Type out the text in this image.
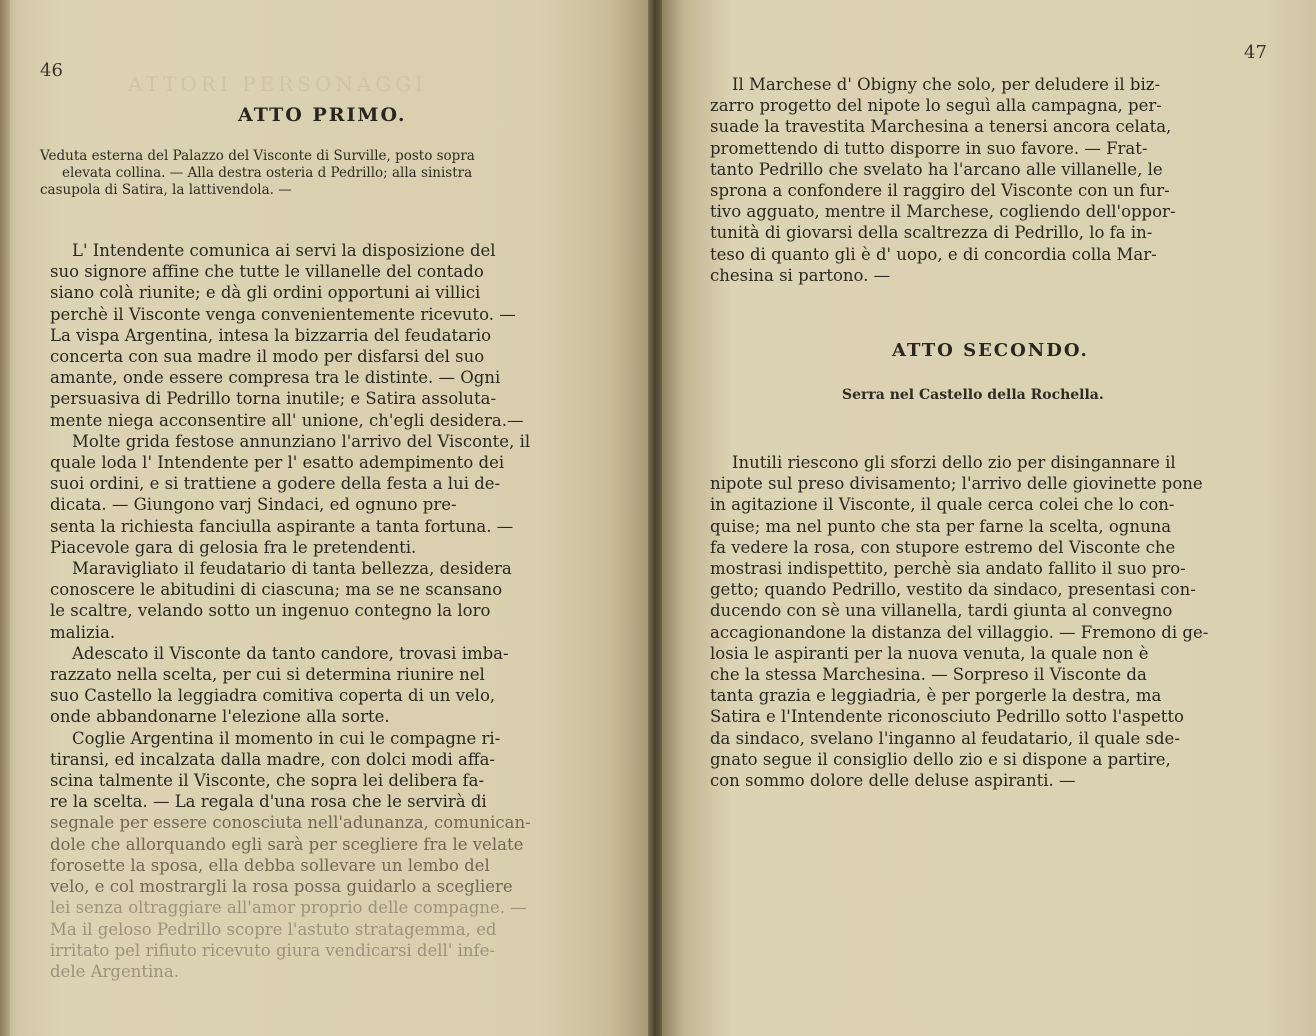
ATTORI PERSONAGGI
46
ATTO PRIMO.
Veduta esterna del Palazzo del Visconte di Surville, posto sopra
elevata collina. — Alla destra osteria d Pedrillo; alla sinistra
casupola di Satira, la lattivendola. —
L' Intendente comunica ai servi la disposizione del
suo signore affine che tutte le villanelle del contado
siano colà riunite; e dà gli ordini opportuni ai villici
perchè il Visconte venga convenientemente ricevuto. —
La vispa Argentina, intesa la bizzarria del feudatario
concerta con sua madre il modo per disfarsi del suo
amante, onde essere compresa tra le distinte. — Ogni
persuasiva di Pedrillo torna inutile; e Satira assoluta-
mente niega acconsentire all' unione, ch'egli desidera.—
Molte grida festose annunziano l'arrivo del Visconte, il
quale loda l' Intendente per l' esatto adempimento dei
suoi ordini, e si trattiene a godere della festa a lui de-
dicata. — Giungono varj Sindaci, ed ognuno pre-
senta la richiesta fanciulla aspirante a tanta fortuna. —
Piacevole gara di gelosia fra le pretendenti.
Maravigliato il feudatario di tanta bellezza, desidera
conoscere le abitudini di ciascuna; ma se ne scansano
le scaltre, velando sotto un ingenuo contegno la loro
malizia.
Adescato il Visconte da tanto candore, trovasi imba-
razzato nella scelta, per cui si determina riunire nel
suo Castello la leggiadra comitiva coperta di un velo,
onde abbandonarne l'elezione alla sorte.
Coglie Argentina il momento in cui le compagne ri-
tiransi, ed incalzata dalla madre, con dolci modi affa-
scina talmente il Visconte, che sopra lei delibera fa-
re la scelta. — La regala d'una rosa che le servirà di
segnale per essere conosciuta nell'adunanza, comunican-
dole che allorquando egli sarà per scegliere fra le velate
forosette la sposa, ella debba sollevare un lembo del
velo, e col mostrargli la rosa possa guidarlo a scegliere
lei senza oltraggiare all'amor proprio delle compagne. —
Ma il geloso Pedrillo scopre l'astuto stratagemma, ed
irritato pel rifiuto ricevuto giura vendicarsi dell' infe-
dele Argentina.
47
Il Marchese d' Obigny che solo, per deludere il biz-
zarro progetto del nipote lo seguì alla campagna, per-
suade la travestita Marchesina a tenersi ancora celata,
promettendo di tutto disporre in suo favore. — Frat-
tanto Pedrillo che svelato ha l'arcano alle villanelle, le
sprona a confondere il raggiro del Visconte con un fur-
tivo agguato, mentre il Marchese, cogliendo dell'oppor-
tunità di giovarsi della scaltrezza di Pedrillo, lo fa in-
teso di quanto gli è d' uopo, e di concordia colla Mar-
chesina si partono. —
ATTO SECONDO.
Serra nel Castello della Rochella.
Inutili riescono gli sforzi dello zio per disingannare il
nipote sul preso divisamento; l'arrivo delle giovinette pone
in agitazione il Visconte, il quale cerca colei che lo con-
quise; ma nel punto che sta per farne la scelta, ognuna
fa vedere la rosa, con stupore estremo del Visconte che
mostrasi indispettito, perchè sia andato fallito il suo pro-
getto; quando Pedrillo, vestito da sindaco, presentasi con-
ducendo con sè una villanella, tardi giunta al convegno
accagionandone la distanza del villaggio. — Fremono di ge-
losia le aspiranti per la nuova venuta, la quale non è
che la stessa Marchesina. — Sorpreso il Visconte da
tanta grazia e leggiadria, è per porgerle la destra, ma
Satira e l'Intendente riconosciuto Pedrillo sotto l'aspetto
da sindaco, svelano l'inganno al feudatario, il quale sde-
gnato segue il consiglio dello zio e si dispone a partire,
con sommo dolore delle deluse aspiranti. —
